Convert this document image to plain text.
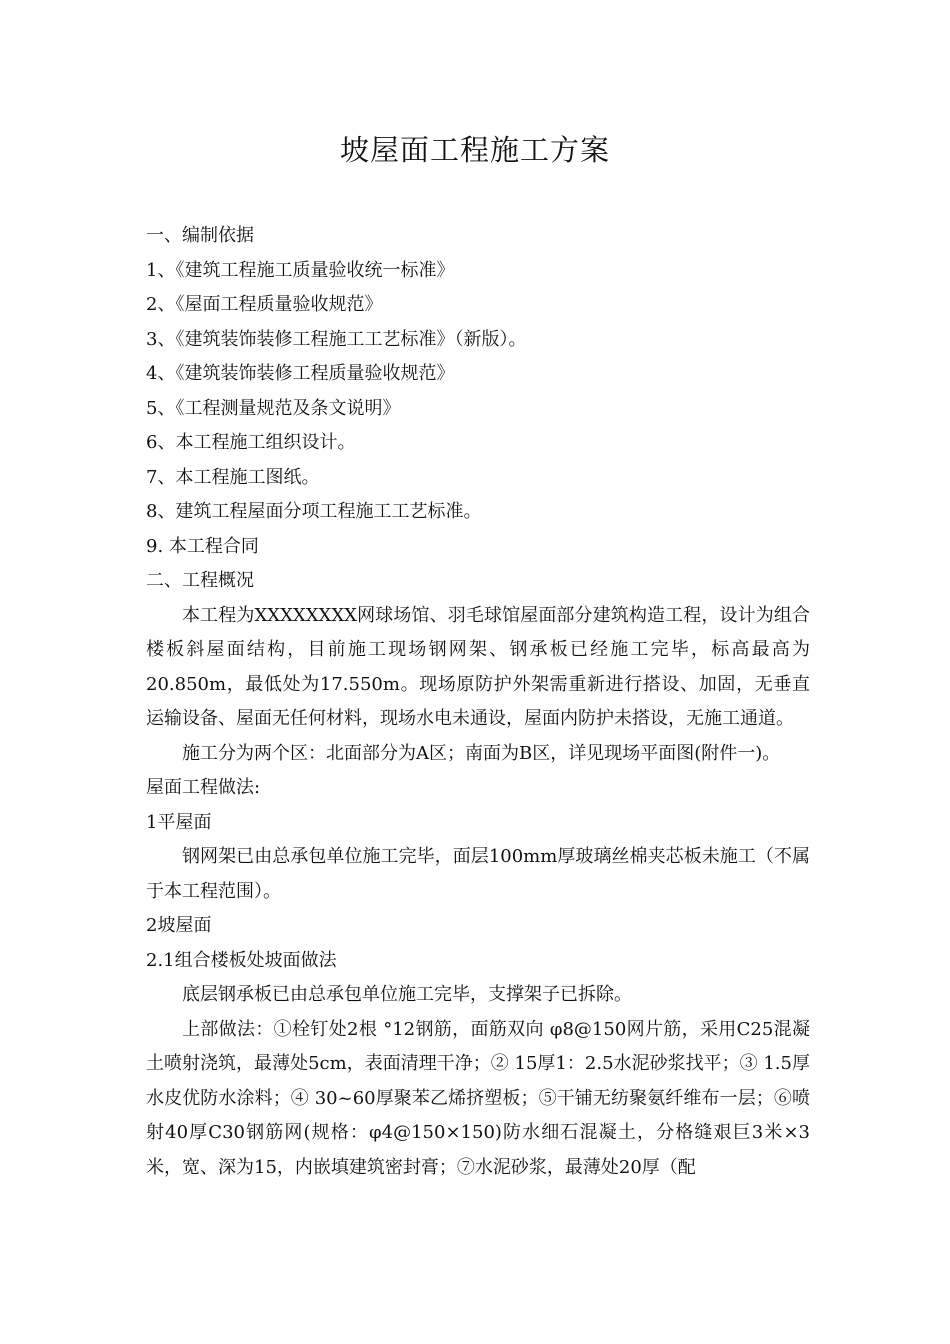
坡屋面工程施工方案
一、编制依据
1、《建筑工程施工质量验收统一标准》
2、《屋面工程质量验收规范》
3、《建筑装饰装修工程施工工艺标准》（新版）。
4、《建筑装饰装修工程质量验收规范》
5、《工程测量规范及条文说明》
6、本工程施工组织设计。
7、本工程施工图纸。
8、建筑工程屋面分项工程施工工艺标准。
9. 本工程合同
二、工程概况
本工程为XXXXXXXX网球场馆、羽毛球馆屋面部分建筑构造工程，设计为组合楼板斜屋面结构，目前施工现场钢网架、钢承板已经施工完毕，标高最高为20.850m，最低处为17.550m。现场原防护外架需重新进行搭设、加固，无垂直运输设备、屋面无任何材料，现场水电未通设，屋面内防护未搭设，无施工通道。
施工分为两个区：北面部分为A区；南面为B区，详见现场平面图(附件一)。
屋面工程做法:
1平屋面
钢网架已由总承包单位施工完毕，面层100mm厚玻璃丝棉夹芯板未施工（不属于本工程范围）。
2坡屋面
2.1组合楼板处坡面做法
底层钢承板已由总承包单位施工完毕，支撑架子已拆除。
上部做法：①栓钉处2根 °12钢筋，面筋双向 φ8@150网片筋，采用C25混凝土喷射浇筑，最薄处5cm，表面清理干净；② 15厚1：2.5水泥砂浆找平；③ 1.5厚水皮优防水涂料；④ 30~60厚聚苯乙烯挤塑板；⑤干铺无纺聚氨纤维布一层；⑥喷射40厚C30钢筋网(规格：φ4@150×150)防水细石混凝土，分格缝艰巨3米×3米，宽、深为15，内嵌填建筑密封膏；⑦水泥砂浆，最薄处20厚（配
